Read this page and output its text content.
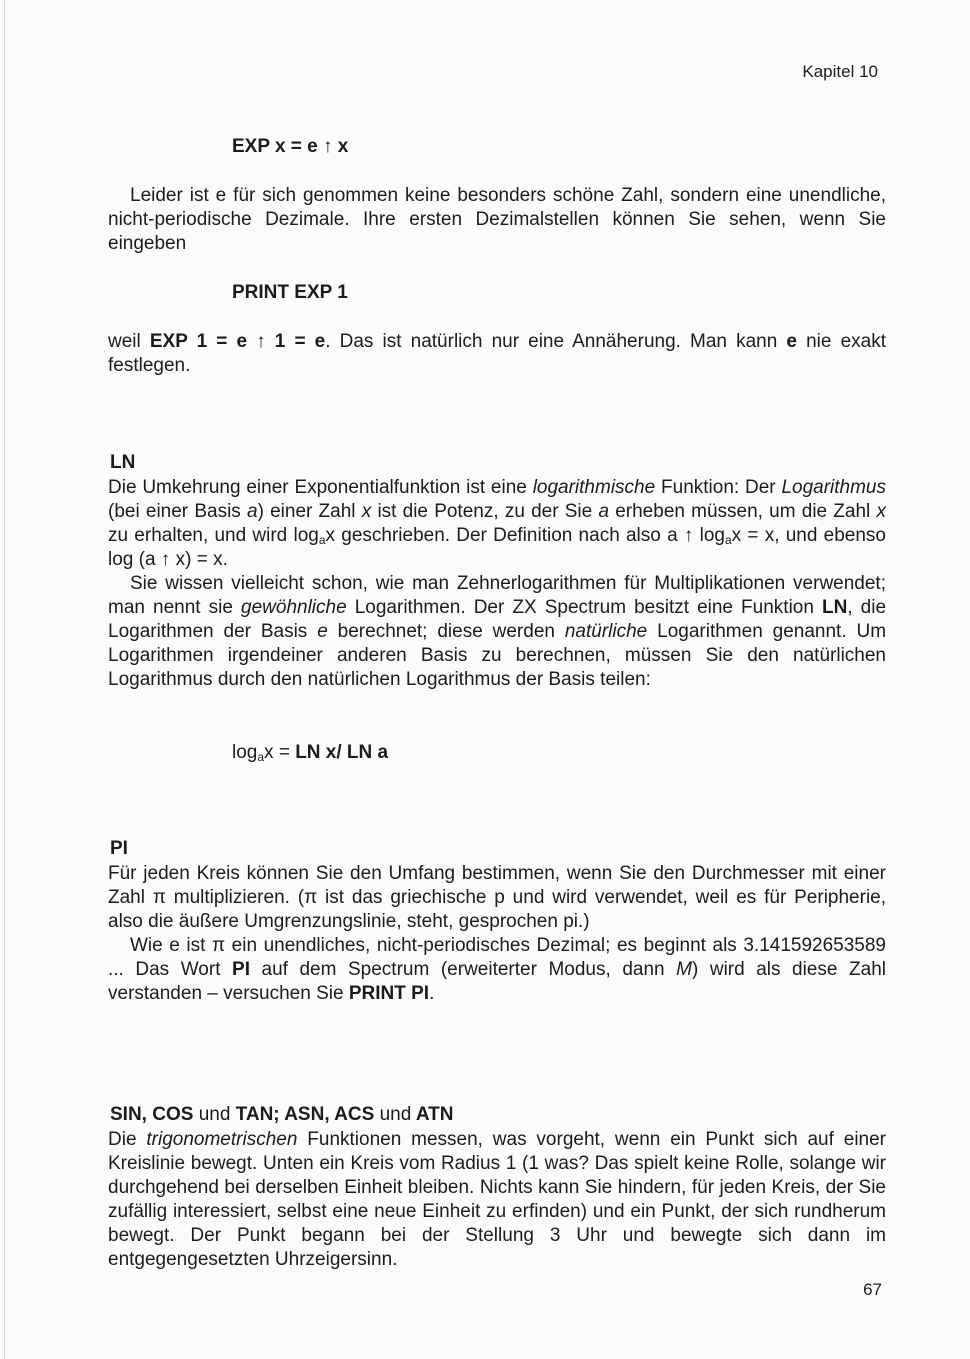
Kapitel 10
EXP x = e ↑ x

Leider ist e für sich genommen keine besonders schöne Zahl, sondern eine unendliche, nicht-periodische Dezimale. Ihre ersten Dezimalstellen können Sie sehen, wenn Sie eingeben

PRINT EXP 1

weil EXP 1 = e ↑ 1 = e. Das ist natürlich nur eine Annäherung. Man kann e nie exakt festlegen.

LN

Die Umkehrung einer Exponentialfunktion ist eine logarithmische Funktion: Der Logarithmus (bei einer Basis a) einer Zahl x ist die Potenz, zu der Sie a erheben müssen, um die Zahl x zu erhalten, und wird $\log_ax$ geschrieben. Der Definition nach also a ↑ $\log_ax = x$, und ebenso log (a ↑ x) = x.

Sie wissen vielleicht schon, wie man Zehnerlogarithmen für Multiplikationen verwendet; man nennt sie gewöhnliche Logarithmen. Der ZX Spectrum besitzt eine Funktion LN, die Logarithmen der Basis e berechnet; diese werden natürliche Logarithmen genannt. Um Logarithmen irgendeiner anderen Basis zu berechnen, müssen Sie den natürlichen Logarithmus durch den natürlichen Logarithmus der Basis teilen:

$\log_ax$ = LN x/ LN a
PI

Für jeden Kreis können Sie den Umfang bestimmen, wenn Sie den Durchmesser mit einer Zahl π multiplizieren. (π ist das griechische p und wird verwendet, weil es für Peripherie, also die äußere Umgrenzungslinie, steht, gesprochen pi.)

Wie e ist π ein unendliches, nicht-periodisches Dezimal; es beginnt als 3.141592653589 ... Das Wort PI auf dem Spectrum (erweiterter Modus, dann M) wird als diese Zahl verstanden – versuchen Sie PRINT PI.

SIN, COS und TAN; ASN, ACS und ATN

Die trigonometrischen Funktionen messen, was vorgeht, wenn ein Punkt sich auf einer Kreislinie bewegt. Unten ein Kreis vom Radius 1 (1 was? Das spielt keine Rolle, solange wir durchgehend bei derselben Einheit bleiben. Nichts kann Sie hindern, für jeden Kreis, der Sie zufällig interessiert, selbst eine neue Einheit zu erfinden) und ein Punkt, der sich rundherum bewegt. Der Punkt begann bei der Stellung 3 Uhr und bewegte sich dann im entgegengesetzten Uhrzeigersinn.

67
